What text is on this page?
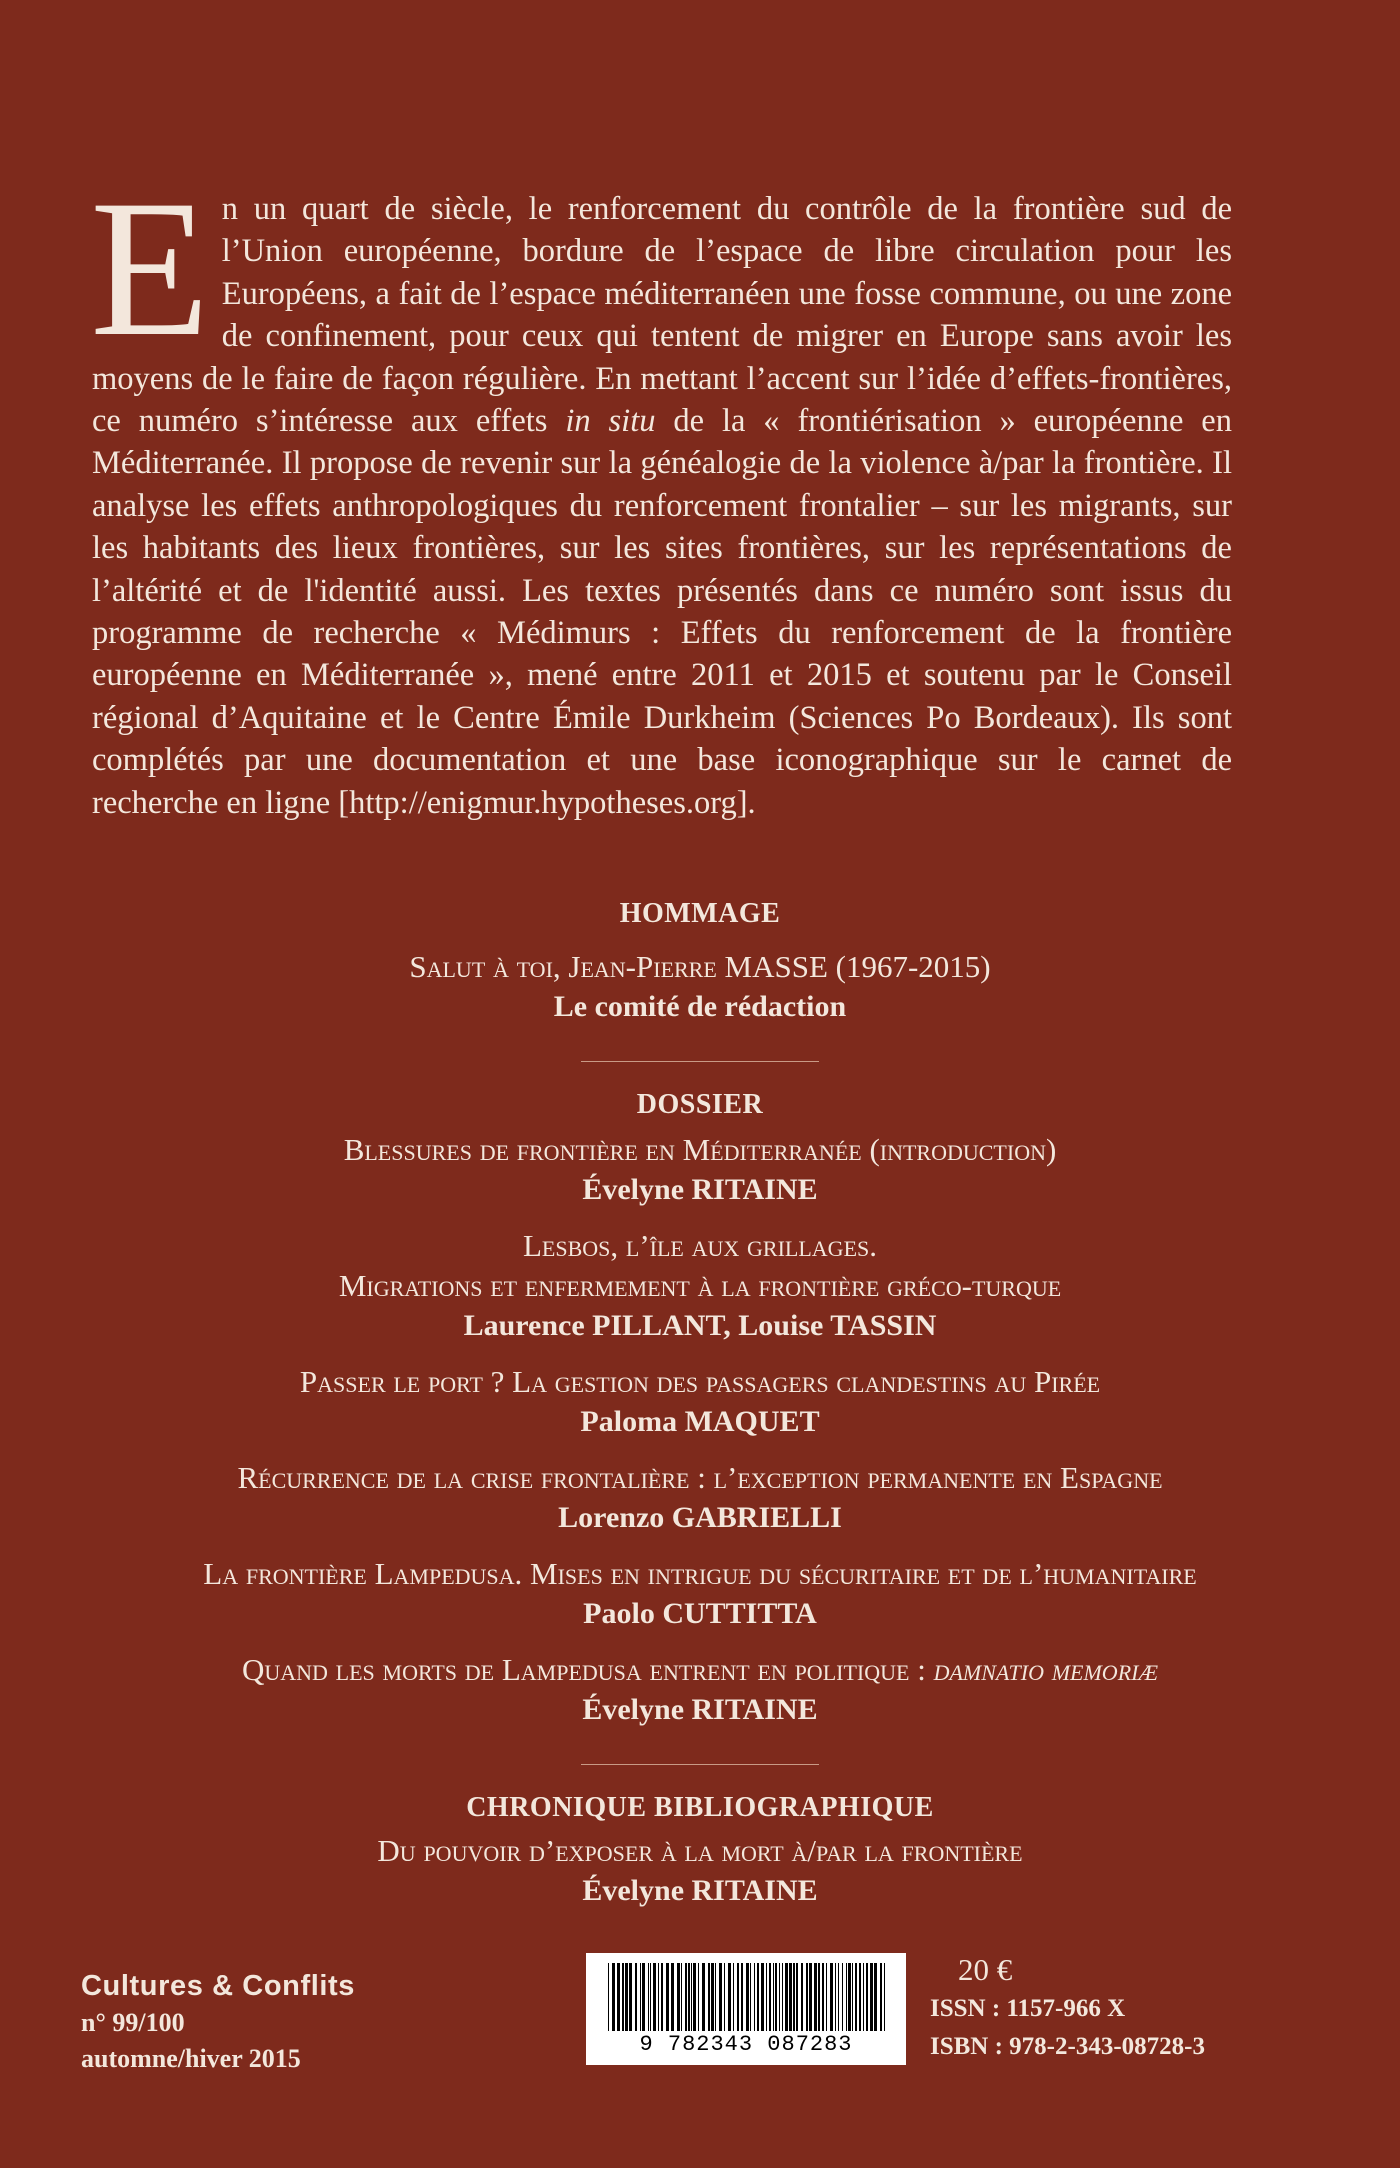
En un quart de siècle, le renforcement du contrôle de la frontière sud de l’Union européenne, bordure de l’espace de libre circulation pour les Européens, a fait de l’espace méditerranéen une fosse commune, ou une zone de confinement, pour ceux qui tentent de migrer en Europe sans avoir les moyens de le faire de façon régulière. En mettant l’accent sur l’idée d’effets-frontières, ce numéro s’intéresse aux effets in situ de la « frontiérisation » européenne en Méditerranée. Il propose de revenir sur la généalogie de la violence à/par la frontière. Il analyse les effets anthropologiques du renforcement frontalier – sur les migrants, sur les habitants des lieux frontières, sur les sites frontières, sur les représentations de l’altérité et de l'identité aussi. Les textes présentés dans ce numéro sont issus du programme de recherche « Médimurs : Effets du renforcement de la frontière européenne en Méditerranée », mené entre 2011 et 2015 et soutenu par le Conseil régional d’Aquitaine et le Centre Émile Durkheim (Sciences Po Bordeaux). Ils sont complétés par une documentation et une base iconographique sur le carnet de recherche en ligne [http://enigmur.hypotheses.org].

HOMMAGE

Salut à toi, Jean-Pierre MASSE (1967-2015)

Le comité de rédaction

DOSSIER

Blessures de frontière en Méditerranée (introduction)

Évelyne RITAINE

Lesbos, l’île aux grillages.

Migrations et enfermement à la frontière gréco-turque

Laurence PILLANT, Louise TASSIN

Passer le port ? La gestion des passagers clandestins au Pirée

Paloma MAQUET

Récurrence de la crise frontalière : l’exception permanente en Espagne

Lorenzo GABRIELLI

La frontière Lampedusa. Mises en intrigue du sécuritaire et de l’humanitaire

Paolo CUTTITTA

Quand les morts de Lampedusa entrent en politique : damnatio memoriæ

Évelyne RITAINE

CHRONIQUE BIBLIOGRAPHIQUE

Du pouvoir d’exposer à la mort à/par la frontière

Évelyne RITAINE

Cultures & Conflits
n° 99/100
automne/hiver 2015	9 782343 087283
20 €
ISSN : 1157-966 X
ISBN : 978-2-343-08728-3
